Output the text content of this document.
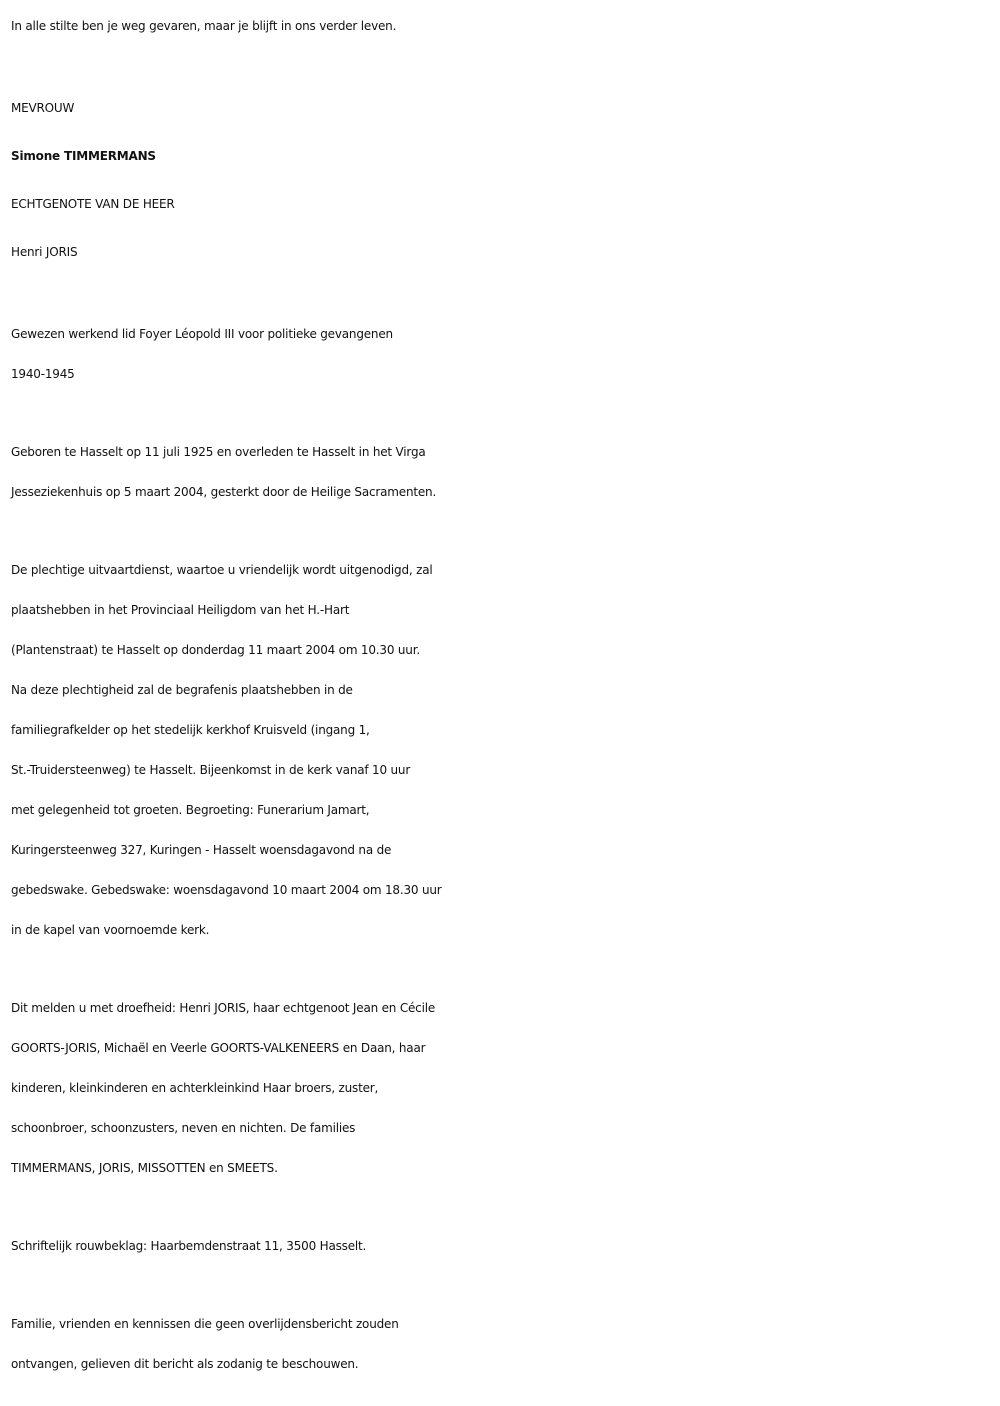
In alle stilte ben je weg gevaren, maar je blijft in ons verder leven.

MEVROUW

Simone TIMMERMANS

ECHTGENOTE VAN DE HEER

Henri JORIS

Gewezen werkend lid Foyer Léopold III voor politieke gevangenen
1940-1945
Geboren te Hasselt op 11 juli 1925 en overleden te Hasselt in het Virga
Jesseziekenhuis op 5 maart 2004, gesterkt door de Heilige Sacramenten.
De plechtige uitvaartdienst, waartoe u vriendelijk wordt uitgenodigd, zal
plaatshebben in het Provinciaal Heiligdom van het H.-Hart
(Plantenstraat) te Hasselt op donderdag 11 maart 2004 om 10.30 uur.
Na deze plechtigheid zal de begrafenis plaatshebben in de
familiegrafkelder op het stedelijk kerkhof Kruisveld (ingang 1,
St.-Truidersteenweg) te Hasselt. Bijeenkomst in de kerk vanaf 10 uur
met gelegenheid tot groeten. Begroeting: Funerarium Jamart,
Kuringersteenweg 327, Kuringen - Hasselt woensdagavond na de
gebedswake. Gebedswake: woensdagavond 10 maart 2004 om 18.30 uur
in de kapel van voornoemde kerk.
Dit melden u met droefheid: Henri JORIS, haar echtgenoot Jean en Cécile
GOORTS-JORIS, Michaël en Veerle GOORTS-VALKENEERS en Daan, haar
kinderen, kleinkinderen en achterkleinkind Haar broers, zuster,
schoonbroer, schoonzusters, neven en nichten. De families
TIMMERMANS, JORIS, MISSOTTEN en SMEETS.
Schriftelijk rouwbeklag: Haarbemdenstraat 11, 3500 Hasselt.
Familie, vrienden en kennissen die geen overlijdensbericht zouden
ontvangen, gelieven dit bericht als zodanig te beschouwen.
